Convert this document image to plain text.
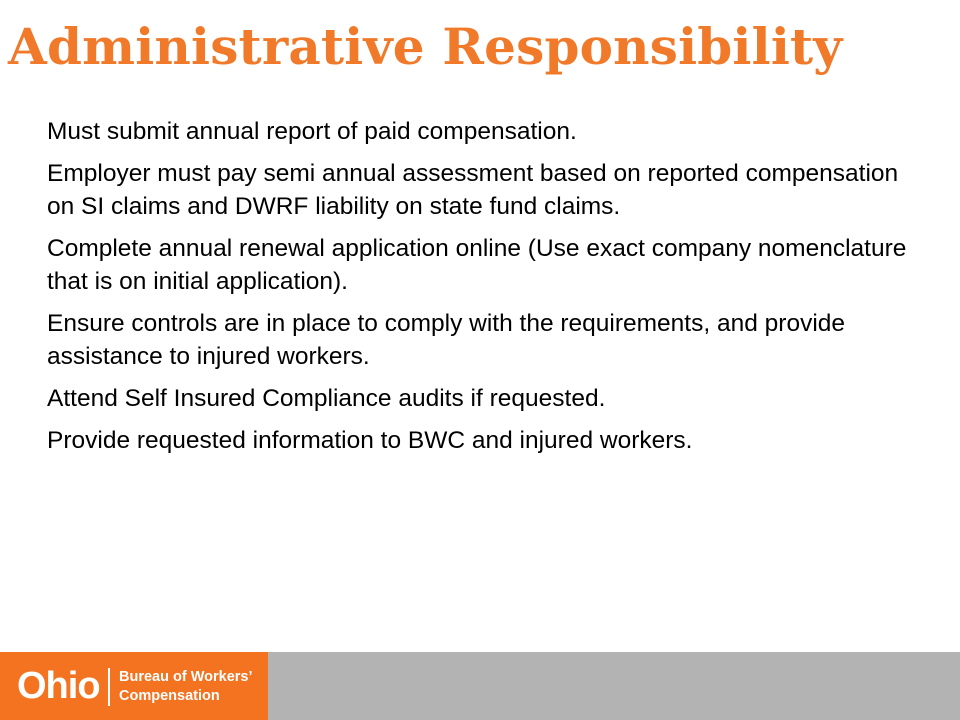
Administrative Responsibility
Must submit annual report of paid compensation.
Employer must pay semi annual assessment based on reported compensation on SI claims and DWRF liability on state fund claims.
Complete annual renewal application online (Use exact company nomenclature that is on initial application).
Ensure controls are in place to comply with the requirements, and provide assistance to injured workers.
Attend Self Insured Compliance audits if requested.
Provide requested information to BWC and injured workers.
Ohio Bureau of Workers’
Compensation
